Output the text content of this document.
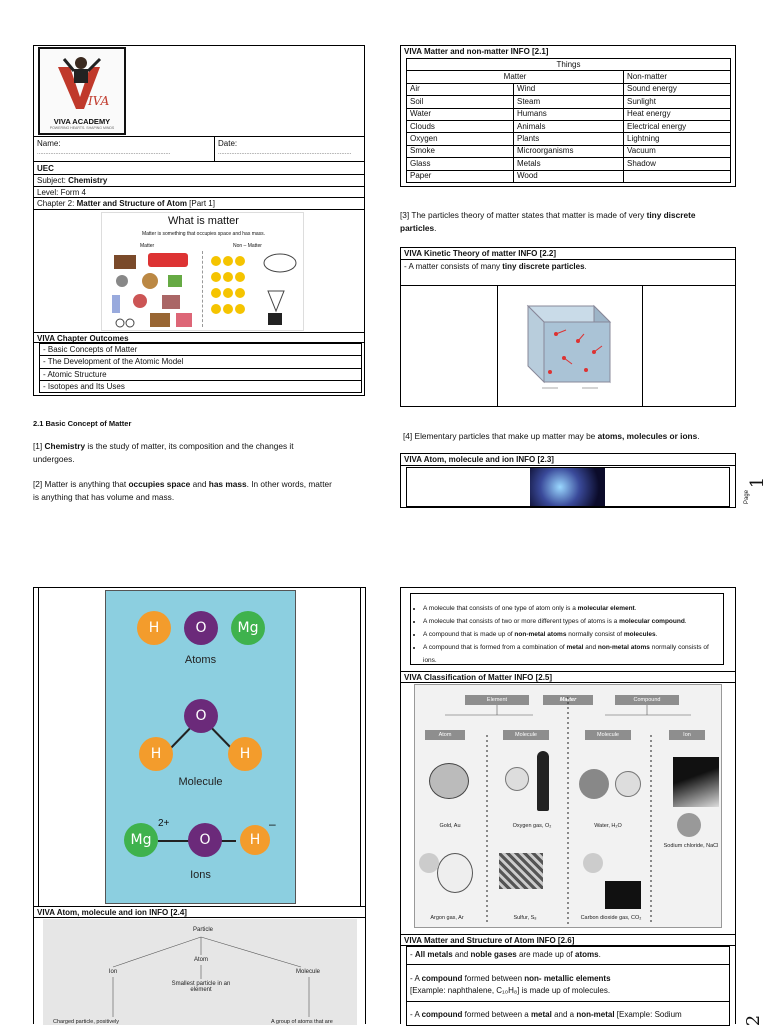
IVA
VIVA ACADEMY
POWERING HEARTS. SHAPING MINDS
Name:
................................................................................
Date:
................................................................................
UEC
Subject: Chemistry
Level: Form 4
Chapter 2: Matter and Structure of Atom [Part 1]
What is matter
Matter is something that occupies space and has mass.
Matter	Non – Matter
VIVA Chapter Outcomes
- Basic Concepts of Matter
- The Development of the Atomic Model
- Atomic Structure
- Isotopes and Its Uses
2.1 Basic Concept of Matter
[1] Chemistry is the study of matter, its composition and the changes it
undergoes.
[2] Matter is anything that occupies space and has mass. In other words, matter
is anything that has volume and mass.
VIVA Matter and non-matter INFO [2.1]
Things		
Matter		Non-matter
Air	Wind	Sound energy
Soil	Steam	Sunlight
Water	Humans	Heat energy
Clouds	Animals	Electrical energy
Oxygen	Plants	Lightning
Smoke	Microorganisms	Vacuum
Glass	Metals	Shadow
Paper	Wood	
[3] The particles theory of matter states that matter is made of very tiny discrete
particles.
VIVA Kinetic Theory of matter INFO [2.2]
- A matter consists of many tiny discrete particles.
[4] Elementary particles that make up matter may be atoms, molecules or ions.
VIVA Atom, molecule and ion INFO [2.3]
Page
1
2
H	O	Mg
Atoms
O
H	H
Molecule
Mg
2+
O	H
–
Ions
VIVA Atom, molecule and ion INFO [2.4]
Particle
Atom
Ion	Molecule
Smallest particle in an element
Charged particle, positively	A group of atoms that are
• A molecule that consists of one type of atom only is a molecular element.
• A molecule that consists of two or more different types of atoms is a molecular compound.
• A compound that is made up of non-metal atoms normally consist of molecules.
• A compound that is formed from a combination of metal and non-metal atoms normally consists of ions.
VIVA Classification of Matter INFO [2.5]
Element	Matter	Compound
Atom	Molecule	Molecule	Ion
Gold, Au	Oxygen gas, O₂	Water, H₂O
Sodium chloride, NaCl
Argon gas, Ar	Sulfur, S₈	Carbon dioxide gas, CO₂
VIVA Matter and Structure of Atom INFO [2.6]
- All metals and noble gases are made up of atoms.
- A compound formed between non- metallic elements
[Example: naphthalene, C₁₀H₈] is made up of molecules.
- A compound formed between a metal and a non-metal [Example: Sodium
